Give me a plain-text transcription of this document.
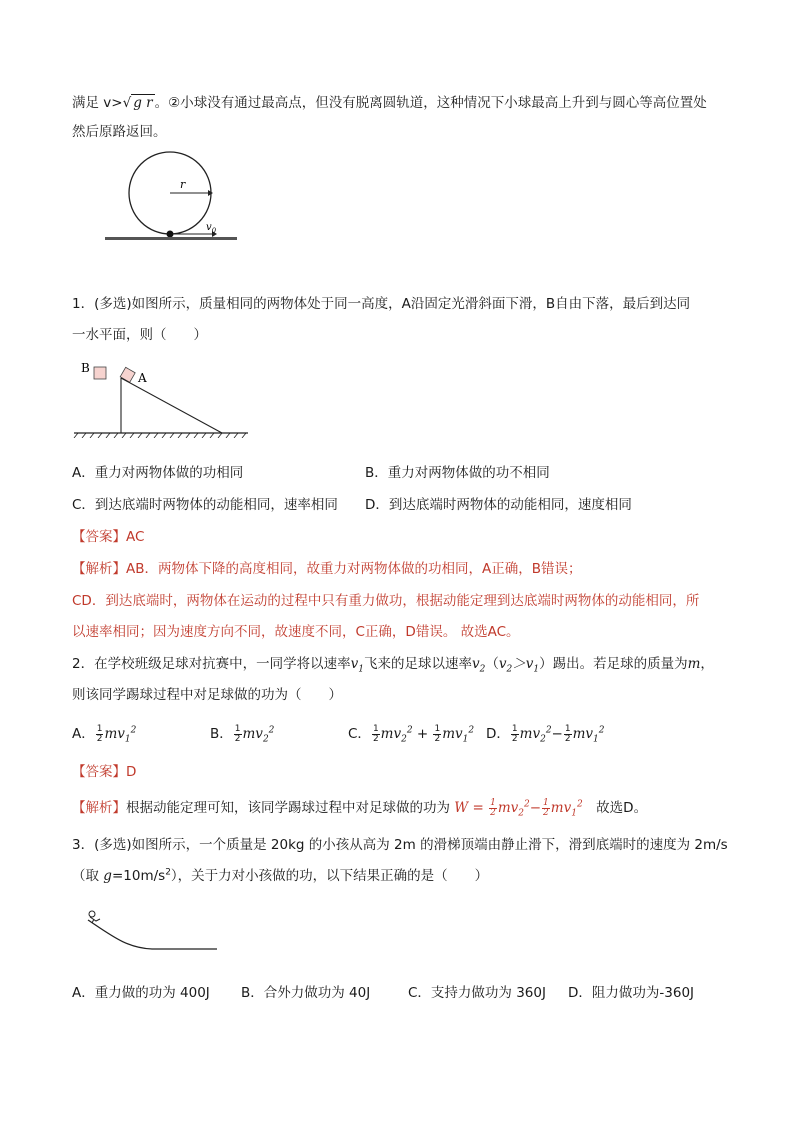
满足 v>√ g r 。②小球没有通过最高点，但没有脱离圆轨道，这种情况下小球最高上升到与圆心等高位置处
然后原路返回。
r
$v_0$
1．(多选)如图所示，质量相同的两物体处于同一高度，A沿固定光滑斜面下滑，B自由下落，最后到达同
一水平面，则（　　）
B
A
A．重力对两物体做的功相同	B．重力对两物体做的功不相同
C．到达底端时两物体的动能相同，速率相同 D．到达底端时两物体的动能相同，速度相同
【答案】AC
【解析】AB．两物体下降的高度相同，故重力对两物体做的功相同，A正确，B错误；
CD．到达底端时，两物体在运动的过程中只有重力做功，根据动能定理到达底端时两物体的动能相同，所
以速率相同；因为速度方向不同，故速度不同，C正确，D错误。 故选AC。
2．在学校班级足球对抗赛中，一同学将以速率$v_1$飞来的足球以速率$v_2(v_2>v_1)$踢出。若足球的质量为m，
则该同学踢球过程中对足球做的功为（　　）
A． $\frac{1}{2} mv_1^2$	B． $\frac{1}{2} mv_2^2$	C． $\frac{1}{2} mv_2^2 + \frac{1}{2} mv_1^2$ D． $\frac{1}{2} mv_2^2- \frac{1}{2} mv_1^2$
【答案】D
【解析】根据动能定理可知，该同学踢球过程中对足球做的功为 $W = \frac{1}{2} mv_2^2- \frac{1}{2} mv_1^2$　故选D。
3．(多选)如图所示，一个质量是 20kg 的小孩从高为 2m 的滑梯顶端由静止滑下，滑到底端时的速度为 2m/s
（取 $g=10m/s^2$），关于力对小孩做的功，以下结果正确的是（　　）
A．重力做的功为 400J B．合外力做功为 40J	C．支持力做功为 360J D．阻力做功为-360J
